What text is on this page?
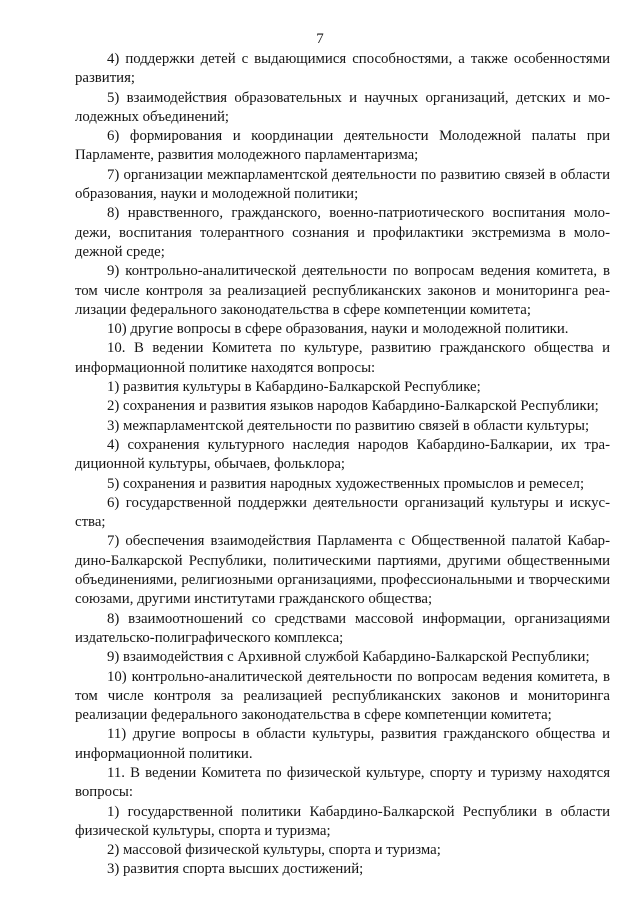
7

4) поддержки детей с выдающимися способностями, а также особенностями развития;

5) взаимодействия образовательных и научных организаций, детских и молодежных объединений;

6) формирования и координации деятельности Молодежной палаты при Парламенте, развития молодежного парламентаризма;

7) организации межпарламентской деятельности по развитию связей в области образования, науки и молодежной политики;

8) нравственного, гражданского, военно-патриотического воспитания молодежи, воспитания толерантного сознания и профилактики экстремизма в молодежной среде;

9) контрольно-аналитической деятельности по вопросам ведения комитета, в том числе контроля за реализацией республиканских законов и мониторинга реализации федерального законодательства в сфере компетенции комитета;

10) другие вопросы в сфере образования, науки и молодежной политики.

10. В ведении Комитета по культуре, развитию гражданского общества и информационной политике находятся вопросы:

1) развития культуры в Кабардино-Балкарской Республике;

2) сохранения и развития языков народов Кабардино-Балкарской Республики;

3) межпарламентской деятельности по развитию связей в области культуры;

4) сохранения культурного наследия народов Кабардино-Балкарии, их традиционной культуры, обычаев, фольклора;

5) сохранения и развития народных художественных промыслов и ремесел;

6) государственной поддержки деятельности организаций культуры и искусства;

7) обеспечения взаимодействия Парламента с Общественной палатой Кабардино-Балкарской Республики, политическими партиями, другими общественными объединениями, религиозными организациями, профессиональными и творческими союзами, другими институтами гражданского общества;

8) взаимоотношений со средствами массовой информации, организациями издательско-полиграфического комплекса;

9) взаимодействия с Архивной службой Кабардино-Балкарской Республики;

10) контрольно-аналитической деятельности по вопросам ведения комитета, в том числе контроля за реализацией республиканских законов и мониторинга реализации федерального законодательства в сфере компетенции комитета;

11) другие вопросы в области культуры, развития гражданского общества и информационной политики.

11. В ведении Комитета по физической культуре, спорту и туризму находятся вопросы:

1) государственной политики Кабардино-Балкарской Республики в области физической культуры, спорта и туризма;

2) массовой физической культуры, спорта и туризма;

3) развития спорта высших достижений;
